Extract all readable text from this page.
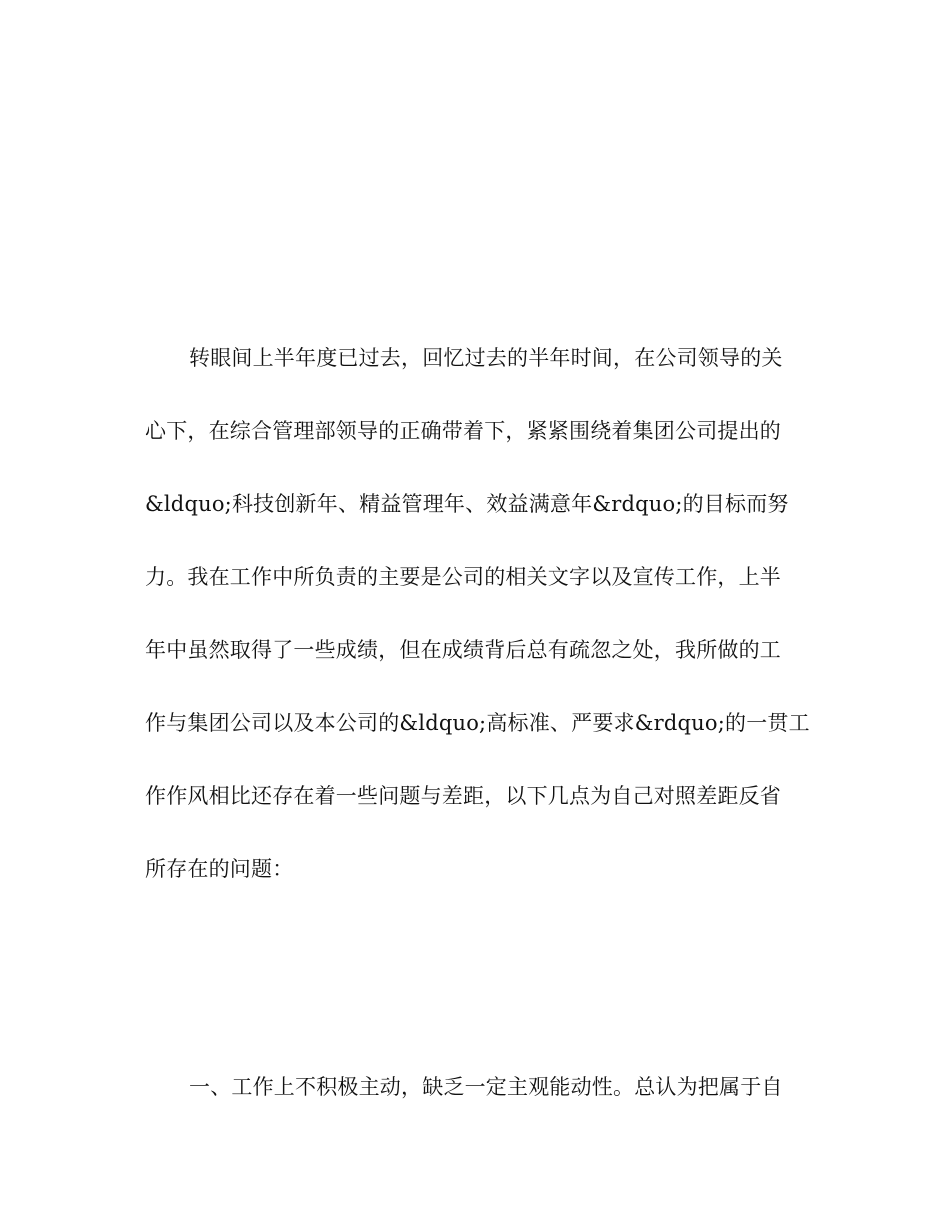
转眼间上半年度已过去，回忆过去的半年时间，在公司领导的关
心下，在综合管理部领导的正确带着下，紧紧围绕着集团公司提出的
&ldquo;科技创新年、精益管理年、效益满意年&rdquo;的目标而努
力。我在工作中所负责的主要是公司的相关文字以及宣传工作，上半
年中虽然取得了一些成绩，但在成绩背后总有疏忽之处，我所做的工
作与集团公司以及本公司的&ldquo;高标准、严要求&rdquo;的一贯工
作作风相比还存在着一些问题与差距，以下几点为自己对照差距反省
所存在的问题：
一、工作上不积极主动，缺乏一定主观能动性。总认为把属于自
